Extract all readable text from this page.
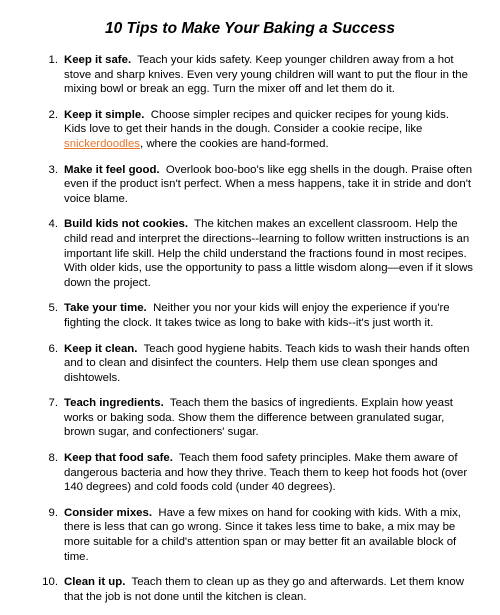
10 Tips to Make Your Baking a Success
1. Keep it safe. Teach your kids safety. Keep younger children away from a hot stove and sharp knives. Even very young children will want to put the flour in the mixing bowl or break an egg. Turn the mixer off and let them do it.
2. Keep it simple. Choose simpler recipes and quicker recipes for young kids. Kids love to get their hands in the dough. Consider a cookie recipe, like snickerdoodles, where the cookies are hand-formed.
3. Make it feel good. Overlook boo-boo's like egg shells in the dough. Praise often even if the product isn't perfect. When a mess happens, take it in stride and don't voice blame.
4. Build kids not cookies. The kitchen makes an excellent classroom. Help the child read and interpret the directions--learning to follow written instructions is an important life skill. Help the child understand the fractions found in most recipes. With older kids, use the opportunity to pass a little wisdom along—even if it slows down the project.
5. Take your time. Neither you nor your kids will enjoy the experience if you're fighting the clock. It takes twice as long to bake with kids--it's just worth it.
6. Keep it clean. Teach good hygiene habits. Teach kids to wash their hands often and to clean and disinfect the counters. Help them use clean sponges and dishtowels.
7. Teach ingredients. Teach them the basics of ingredients. Explain how yeast works or baking soda. Show them the difference between granulated sugar, brown sugar, and confectioners' sugar.
8. Keep that food safe. Teach them food safety principles. Make them aware of dangerous bacteria and how they thrive. Teach them to keep hot foods hot (over 140 degrees) and cold foods cold (under 40 degrees).
9. Consider mixes. Have a few mixes on hand for cooking with kids. With a mix, there is less that can go wrong. Since it takes less time to bake, a mix may be more suitable for a child's attention span or may better fit an available block of time.
10. Clean it up. Teach them to clean up as they go and afterwards. Let them know that the job is not done until the kitchen is clean.
